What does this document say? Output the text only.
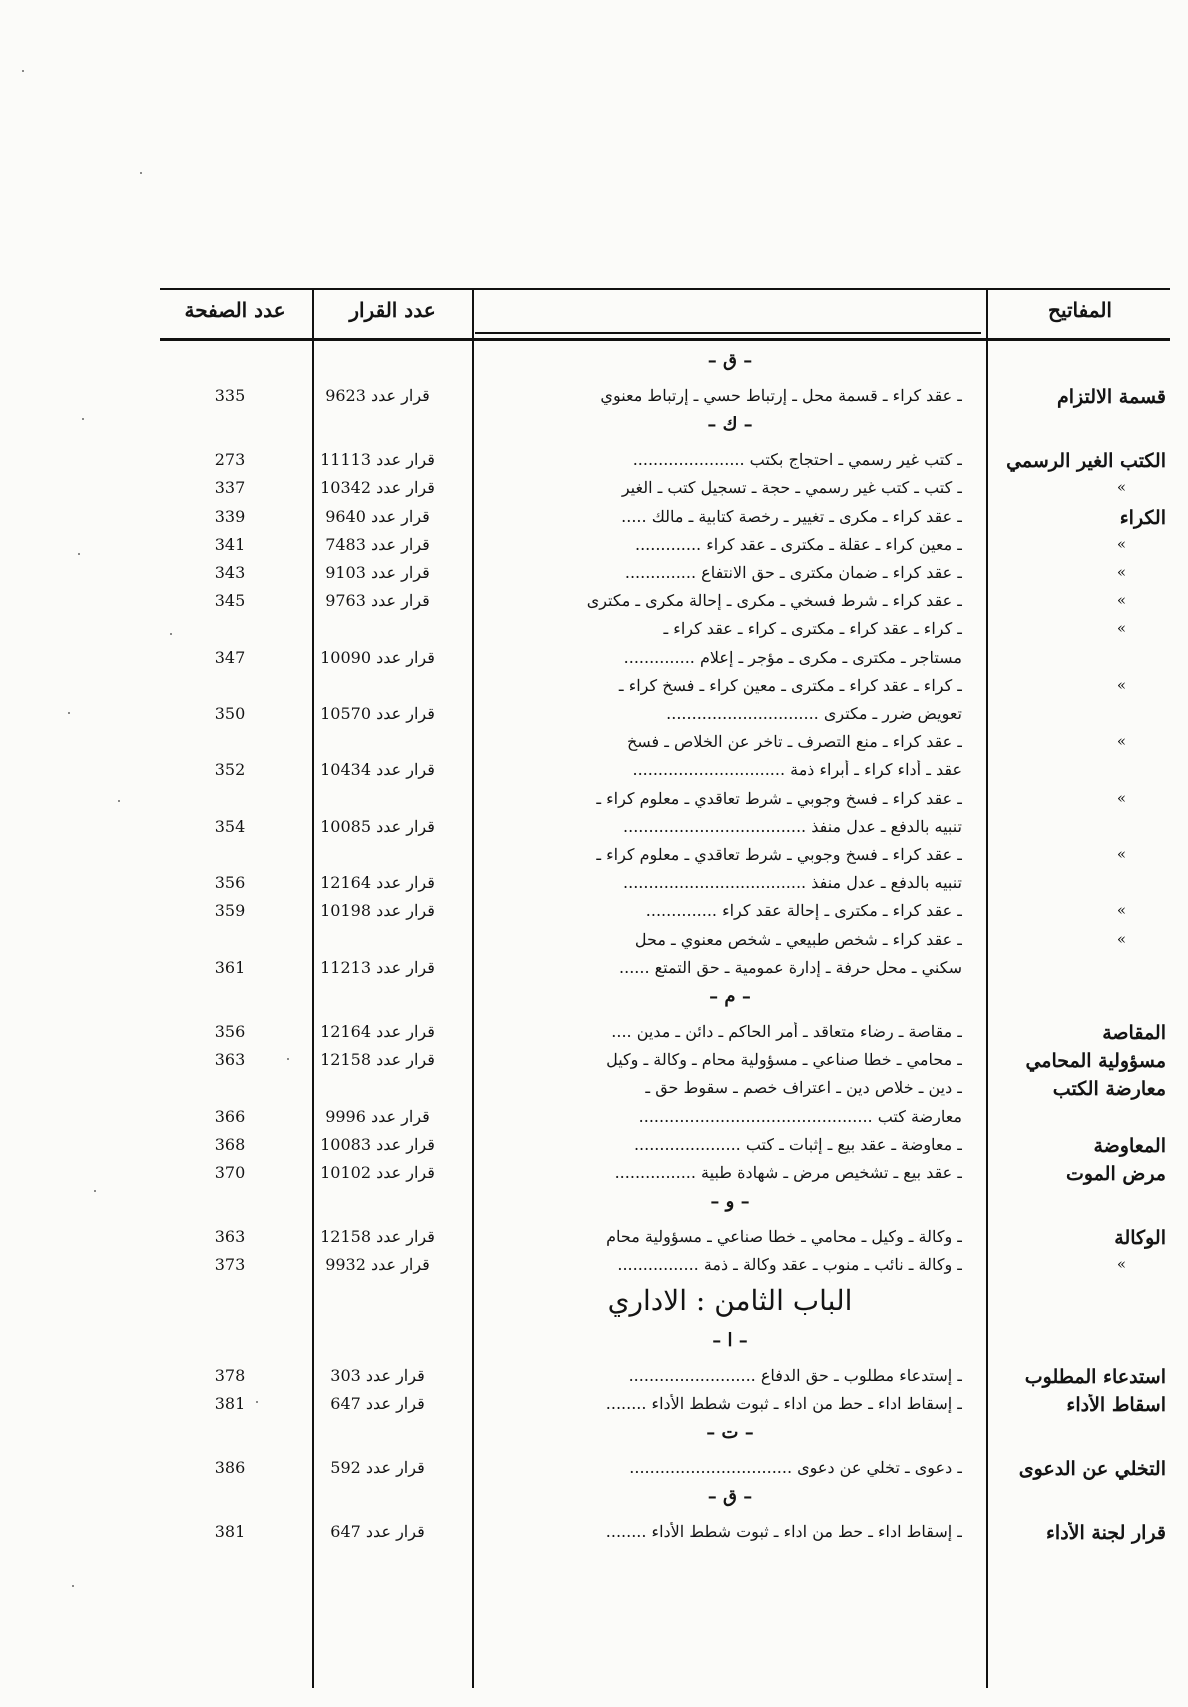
المفاتيح
عدد القرار
عدد الصفحة
– ق –
قسمة الالتزام
ـ عقد كراء ـ قسمة محل ـ إرتباط حسي ـ إرتباط معنوي
قرار عدد 9623
335
– ك –
الكتب الغير الرسمي
ـ كتب غير رسمي ـ احتجاج بكتب ......................
قرار عدد 11113
273
»
ـ كتب ـ كتب غير رسمي ـ حجة ـ تسجيل كتب ـ الغير
قرار عدد 10342
337
الكراء
ـ عقد كراء ـ مكرى ـ تغيير ـ رخصة كتابية ـ مالك .....
قرار عدد 9640
339
»
ـ معين كراء ـ عقلة ـ مكترى ـ عقد كراء .............
قرار عدد 7483
341
»
ـ عقد كراء ـ ضمان مكترى ـ حق الانتفاع ..............
قرار عدد 9103
343
»
ـ عقد كراء ـ شرط فسخي ـ مكرى ـ إحالة مكرى ـ مكترى
قرار عدد 9763
345
»
ـ كراء ـ عقد كراء ـ مكترى ـ كراء ـ عقد كراء ـ
مستاجر ـ مكترى ـ مكرى ـ مؤجر ـ إعلام ..............
قرار عدد 10090
347
»
ـ كراء ـ عقد كراء ـ مكترى ـ معين كراء ـ فسخ كراء ـ
تعويض ضرر ـ مكترى ..............................
قرار عدد 10570
350
»
ـ عقد كراء ـ منع التصرف ـ تاخر عن الخلاص ـ فسخ
عقد ـ أداء كراء ـ أبراء ذمة ..............................
قرار عدد 10434
352
»
ـ عقد كراء ـ فسخ وجوبي ـ شرط تعاقدي ـ معلوم كراء ـ
تنبيه بالدفع ـ عدل منفذ ....................................
قرار عدد 10085
354
»
ـ عقد كراء ـ فسخ وجوبي ـ شرط تعاقدي ـ معلوم كراء ـ
تنبيه بالدفع ـ عدل منفذ ....................................
قرار عدد 12164
356
»
ـ عقد كراء ـ مكترى ـ إحالة عقد كراء ..............
قرار عدد 10198
359
»
ـ عقد كراء ـ شخص طبيعي ـ شخص معنوي ـ محل
سكني ـ محل حرفة ـ إدارة عمومية ـ حق التمتع ......
قرار عدد 11213
361
– م –
المقاصة
ـ مقاصة ـ رضاء متعاقد ـ أمر الحاكم ـ دائن ـ مدين ....
قرار عدد 12164
356
مسؤولية المحامي
ـ محامي ـ خطا صناعي ـ مسؤولية محام ـ وكالة ـ وكيل
قرار عدد 12158
363
معارضة الكتب
ـ دين ـ خلاص دين ـ اعتراف خصم ـ سقوط حق ـ
معارضة كتب ..............................................
قرار عدد 9996
366
المعاوضة
ـ معاوضة ـ عقد بيع ـ إثبات ـ كتب .....................
قرار عدد 10083
368
مرض الموت
ـ عقد بيع ـ تشخيص مرض ـ شهادة طبية ................
قرار عدد 10102
370
– و –
الوكالة
ـ وكالة ـ وكيل ـ محامي ـ خطا صناعي ـ مسؤولية محام
قرار عدد 12158
363
»
ـ وكالة ـ نائب ـ منوب ـ عقد وكالة ـ ذمة ................
قرار عدد 9932
373
الباب الثامن : الاداري
– ا –
استدعاء المطلوب
ـ إستدعاء مطلوب ـ حق الدفاع .........................
قرار عدد 303
378
اسقاط الأداء
ـ إسقاط اداء ـ حط من اداء ـ ثبوت شطط الأداء ........
قرار عدد 647
381
– ت –
التخلي عن الدعوى
ـ دعوى ـ تخلي عن دعوى ................................
قرار عدد 592
386
– ق –
قرار لجنة الأداء
ـ إسقاط اداء ـ حط من اداء ـ ثبوت شطط الأداء ........
قرار عدد 647
381
